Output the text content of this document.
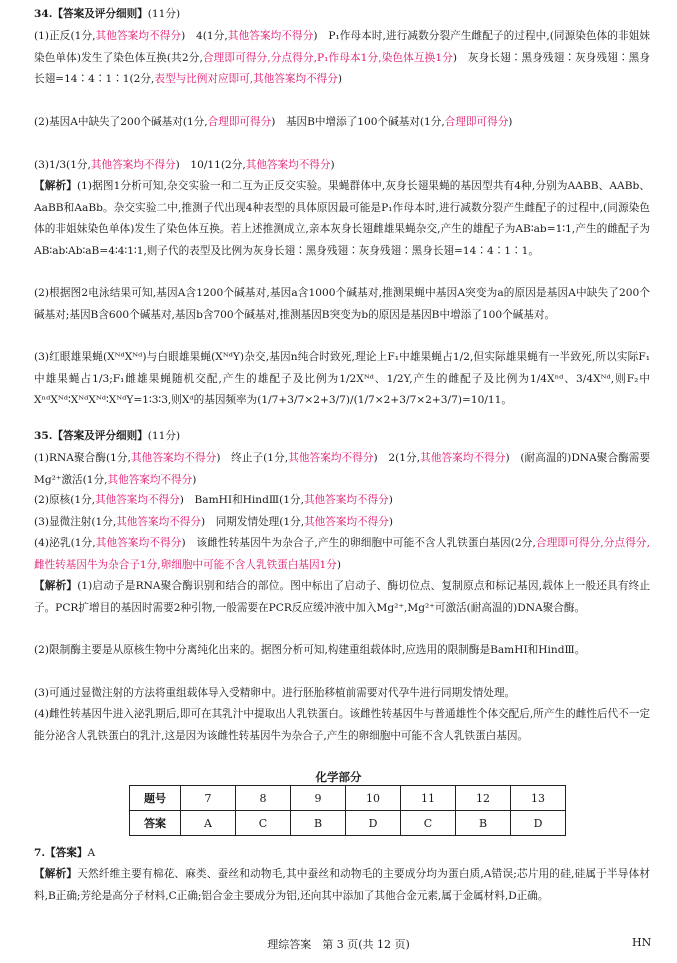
34.【答案及评分细则】(11分)
(1)正反(1分,其他答案均不得分)　4(1分,其他答案均不得分)　P₁作母本时,进行减数分裂产生雌配子的过程中,(同源染色体的非姐妹染色单体)发生了染色体互换(共2分,合理即可得分,分点得分,P₁作母本1分,染色体互换1分)　灰身长翅∶黑身残翅∶灰身残翅∶黑身长翅=14∶4∶1∶1(2分,表型与比例对应即可,其他答案均不得分)
(2)基因A中缺失了200个碱基对(1分,合理即可得分)　基因B中增添了100个碱基对(1分,合理即可得分)
(3)1/3(1分,其他答案均不得分)　10/11(2分,其他答案均不得分)
【解析】(1)据图1分析可知,杂交实验一和二互为正反交实验。果蝇群体中,灰身长翅果蝇的基因型共有4种,分别为AABB、AABb、AaBB和AaBb。杂交实验二中,推测子代出现4种表型的具体原因最可能是P₁作母本时,进行减数分裂产生雌配子的过程中,(同源染色体的非姐妹染色单体)发生了染色体互换。若上述推测成立,亲本灰身长翅雌雄果蝇杂交,产生的雄配子为AB∶ab=1∶1,产生的雌配子为AB∶ab∶Ab∶aB=4∶4∶1∶1,则子代的表型及比例为灰身长翅∶黑身残翅∶灰身残翅∶黑身长翅=14∶4∶1∶1。
(2)根据图2电泳结果可知,基因A含1200个碱基对,基因a含1000个碱基对,推测果蝇中基因A突变为a的原因是基因A中缺失了200个碱基对;基因B含600个碱基对,基因b含700个碱基对,推测基因B突变为b的原因是基因B中增添了100个碱基对。
(3)红眼雄果蝇(XᴺᵈXᴺᵈ)与白眼雄果蝇(XᴺᵈY)杂交,基因n纯合时致死,理论上F₁中雄果蝇占1/2,但实际雄果蝇有一半致死,所以实际F₁中雄果蝇占1/3;F₁雌雄果蝇随机交配,产生的雄配子及比例为1/2Xᴺᵈ、1/2Y,产生的雌配子及比例为1/4Xⁿᵈ、3/4Xᴺᵈ,则F₂中XⁿᵈXᴺᵈ∶XᴺᵈXᴺᵈ∶XᴺᵈY=1∶3∶3,则Xᵈ的基因频率为(1/7+3/7×2+3/7)/(1/7×2+3/7×2+3/7)=10/11。
35.【答案及评分细则】(11分)
(1)RNA聚合酶(1分,其他答案均不得分)　终止子(1分,其他答案均不得分)　2(1分,其他答案均不得分)　(耐高温的)DNA聚合酶需要Mg²⁺激活(1分,其他答案均不得分)
(2)原核(1分,其他答案均不得分)　BamHⅠ和HindⅢ(1分,其他答案均不得分)
(3)显微注射(1分,其他答案均不得分)　同期发情处理(1分,其他答案均不得分)
(4)泌乳(1分,其他答案均不得分)　该雌性转基因牛为杂合子,产生的卵细胞中可能不含人乳铁蛋白基因(2分,合理即可得分,分点得分,雌性转基因牛为杂合子1分,卵细胞中可能不含人乳铁蛋白基因1分)
【解析】(1)启动子是RNA聚合酶识别和结合的部位。图中标出了启动子、酶切位点、复制原点和标记基因,载体上一般还具有终止子。PCR扩增目的基因时需要2种引物,一般需要在PCR反应缓冲液中加入Mg²⁺,Mg²⁺可激活(耐高温的)DNA聚合酶。
(2)限制酶主要是从原核生物中分离纯化出来的。据图分析可知,构建重组载体时,应选用的限制酶是BamHⅠ和HindⅢ。
(3)可通过显微注射的方法将重组载体导入受精卵中。进行胚胎移植前需要对代孕牛进行同期发情处理。
(4)雌性转基因牛进入泌乳期后,即可在其乳汁中提取出人乳铁蛋白。该雌性转基因牛与普通雄性个体交配后,所产生的雌性后代不一定能分泌含人乳铁蛋白的乳汁,这是因为该雌性转基因牛为杂合子,产生的卵细胞中可能不含人乳铁蛋白基因。
化学部分
题号	7	8	9	10	11	12	13
答案	A	C	B	D	C	B	D
7.【答案】A
【解析】天然纤维主要有棉花、麻类、蚕丝和动物毛,其中蚕丝和动物毛的主要成分均为蛋白质,A错误;芯片用的硅,硅属于半导体材料,B正确;芳纶是高分子材料,C正确;铝合金主要成分为铝,还向其中添加了其他合金元素,属于金属材料,D正确。
理综答案　第 3 页(共 12 页)	HN
